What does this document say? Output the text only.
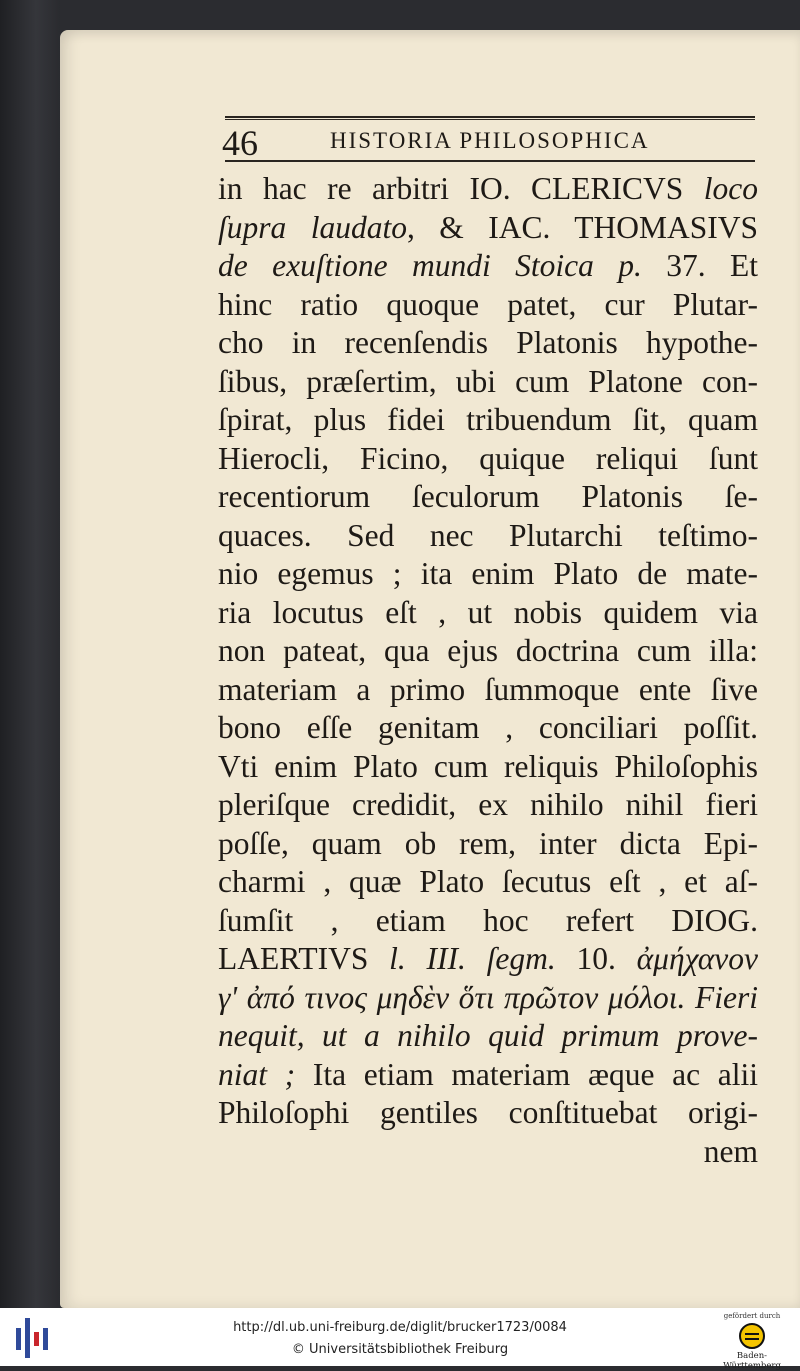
46	HISTORIA PHILOSOPHICA
in hac re arbitri IO. CLERICVS loco
ſupra laudato, & IAC. THOMASIVS
de exuſtione mundi Stoica p. 37. Et
hinc ratio quoque patet, cur Plutar-
cho in recenſendis Platonis hypothe-
ſibus, præſertim, ubi cum Platone con-
ſpirat, plus fidei tribuendum ſit, quam
Hierocli, Ficino, quique reliqui ſunt
recentiorum ſeculorum Platonis ſe-
quaces. Sed nec Plutarchi teſtimo-
nio egemus ; ita enim Plato de mate-
ria locutus eſt , ut nobis quidem via
non pateat, qua ejus doctrina cum illa:
materiam a primo ſummoque ente ſive
bono eſſe genitam , conciliari poſſit.
Vti enim Plato cum reliquis Philoſophis
pleriſque credidit, ex nihilo nihil fieri
poſſe, quam ob rem, inter dicta Epi-
charmi , quæ Plato ſecutus eſt , et aſ-
ſumſit , etiam hoc refert DIOG.
LAERTIVS l. III. ſegm. 10. ἀμήχανον
γ' ἀπό τινος μηδὲν ὅτι πρῶτον μόλοι. Fieri
nequit, ut a nihilo quid primum prove-
niat ; Ita etiam materiam æque ac alii
Philoſophi gentiles conſtituebat origi-
nem
http://dl.ub.uni-freiburg.de/diglit/brucker1723/0084
© Universitätsbibliothek Freiburg
gefördert durch
Baden-Württemberg
